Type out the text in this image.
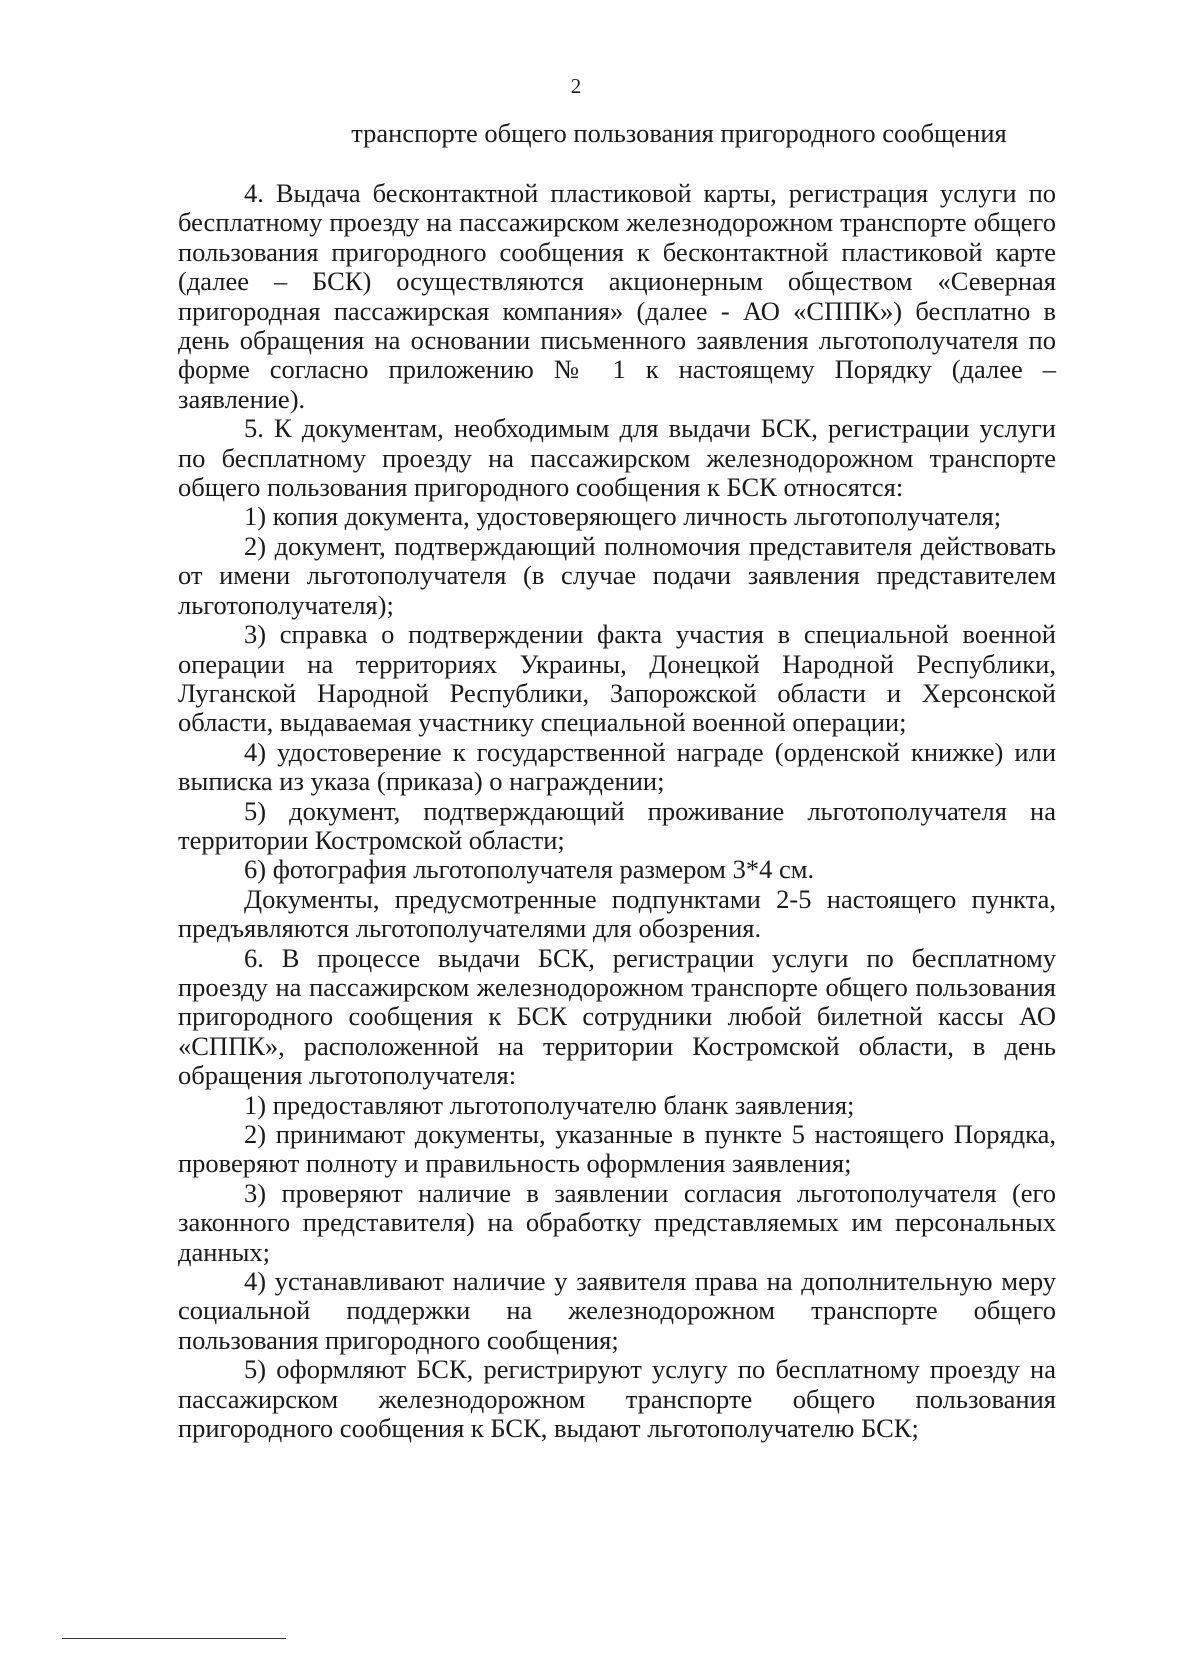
2
транспорте общего пользования пригородного сообщения

4. Выдача бесконтактной пластиковой карты, регистрация услуги по бесплатному проезду на пассажирском железнодорожном транспорте общего пользования пригородного сообщения к бесконтактной пластиковой карте (далее – БСК) осуществляются акционерным обществом «Северная пригородная пассажирская компания» (далее - АО «СППК») бесплатно в день обращения на основании письменного заявления льготополучателя по форме согласно приложению № 1 к настоящему Порядку (далее – заявление).

5. К документам, необходимым для выдачи БСК, регистрации услуги по бесплатному проезду на пассажирском железнодорожном транспорте общего пользования пригородного сообщения к БСК относятся:

1) копия документа, удостоверяющего личность льготополучателя;

2) документ, подтверждающий полномочия представителя действовать от имени льготополучателя (в случае подачи заявления представителем льготополучателя);

3) справка о подтверждении факта участия в специальной военной операции на территориях Украины, Донецкой Народной Республики, Луганской Народной Республики, Запорожской области и Херсонской области, выдаваемая участнику специальной военной операции;

4) удостоверение к государственной награде (орденской книжке) или выписка из указа (приказа) о награждении;

5) документ, подтверждающий проживание льготополучателя на территории Костромской области;

6) фотография льготополучателя размером 3*4 см.

Документы, предусмотренные подпунктами 2-5 настоящего пункта, предъявляются льготополучателями для обозрения.

6. В процессе выдачи БСК, регистрации услуги по бесплатному проезду на пассажирском железнодорожном транспорте общего пользования пригородного сообщения к БСК сотрудники любой билетной кассы АО «СППК», расположенной на территории Костромской области, в день обращения льготополучателя:

1) предоставляют льготополучателю бланк заявления;

2) принимают документы, указанные в пункте 5 настоящего Порядка, проверяют полноту и правильность оформления заявления;

3) проверяют наличие в заявлении согласия льготополучателя (его законного представителя) на обработку представляемых им персональных данных;

4) устанавливают наличие у заявителя права на дополнительную меру социальной поддержки на железнодорожном транспорте общего пользования пригородного сообщения;

5) оформляют БСК, регистрируют услугу по бесплатному проезду на пассажирском железнодорожном транспорте общего пользования пригородного сообщения к БСК, выдают льготополучателю БСК;
